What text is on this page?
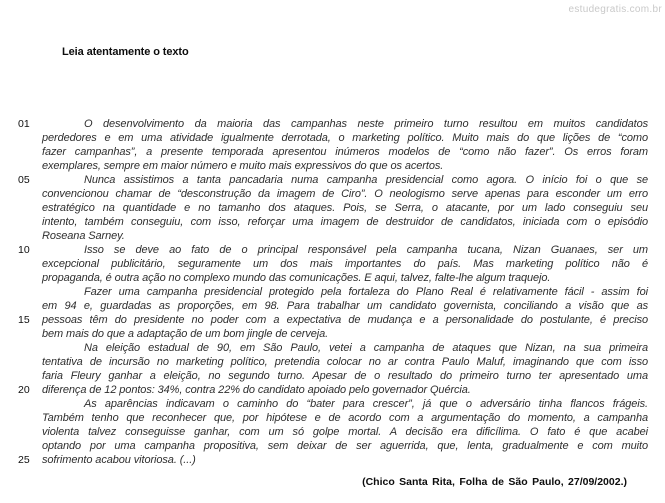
estudegratis.com.br
Leia atentamente o texto
01	O desenvolvimento da maioria das campanhas neste primeiro turno resultou em muitos candidatos
perdedores e em uma atividade igualmente derrotada, o marketing político. Muito mais do que lições de “como
fazer campanhas”, a presente temporada apresentou inúmeros modelos de “como não fazer”. Os erros foram
exemplares, sempre em maior número e muito mais expressivos do que os acertos.
05	Nunca assistimos a tanta pancadaria numa campanha presidencial como agora. O início foi o que se
convencionou chamar de “desconstrução da imagem de Ciro”. O neologismo serve apenas para esconder um erro
estratégico na quantidade e no tamanho dos ataques. Pois, se Serra, o atacante, por um lado conseguiu seu
intento, também conseguiu, com isso, reforçar uma imagem de destruidor de candidatos, iniciada com o episódio
Roseana Sarney.
10	Isso se deve ao fato de o principal responsável pela campanha tucana, Nizan Guanaes, ser um
excepcional publicitário, seguramente um dos mais importantes do país. Mas marketing político não é
propaganda, é outra ação no complexo mundo das comunicações. E aqui, talvez, falte-lhe algum traquejo.
Fazer uma campanha presidencial protegido pela fortaleza do Plano Real é relativamente fácil - assim foi
em 94 e, guardadas as proporções, em 98. Para trabalhar um candidato governista, conciliando a visão que as
15	pessoas têm do presidente no poder com a expectativa de mudança e a personalidade do postulante, é preciso
bem mais do que a adaptação de um bom jingle de cerveja.
Na eleição estadual de 90, em São Paulo, vetei a campanha de ataques que Nizan, na sua primeira
tentativa de incursão no marketing político, pretendia colocar no ar contra Paulo Maluf, imaginando que com isso
faria Fleury ganhar a eleição, no segundo turno. Apesar de o resultado do primeiro turno ter apresentado uma
20	diferença de 12 pontos: 34%, contra 22% do candidato apoiado pelo governador Quércia.
As aparências indicavam o caminho do “bater para crescer”, já que o adversário tinha flancos frágeis.
Também tenho que reconhecer que, por hipótese e de acordo com a argumentação do momento, a campanha
violenta talvez conseguisse ganhar, com um só golpe mortal. A decisão era dificílima. O fato é que acabei
optando por uma campanha propositiva, sem deixar de ser aguerrida, que, lenta, gradualmente e com muito
25	sofrimento acabou vitoriosa. (...)
(Chico Santa Rita, Folha de São Paulo, 27/09/2002.)
